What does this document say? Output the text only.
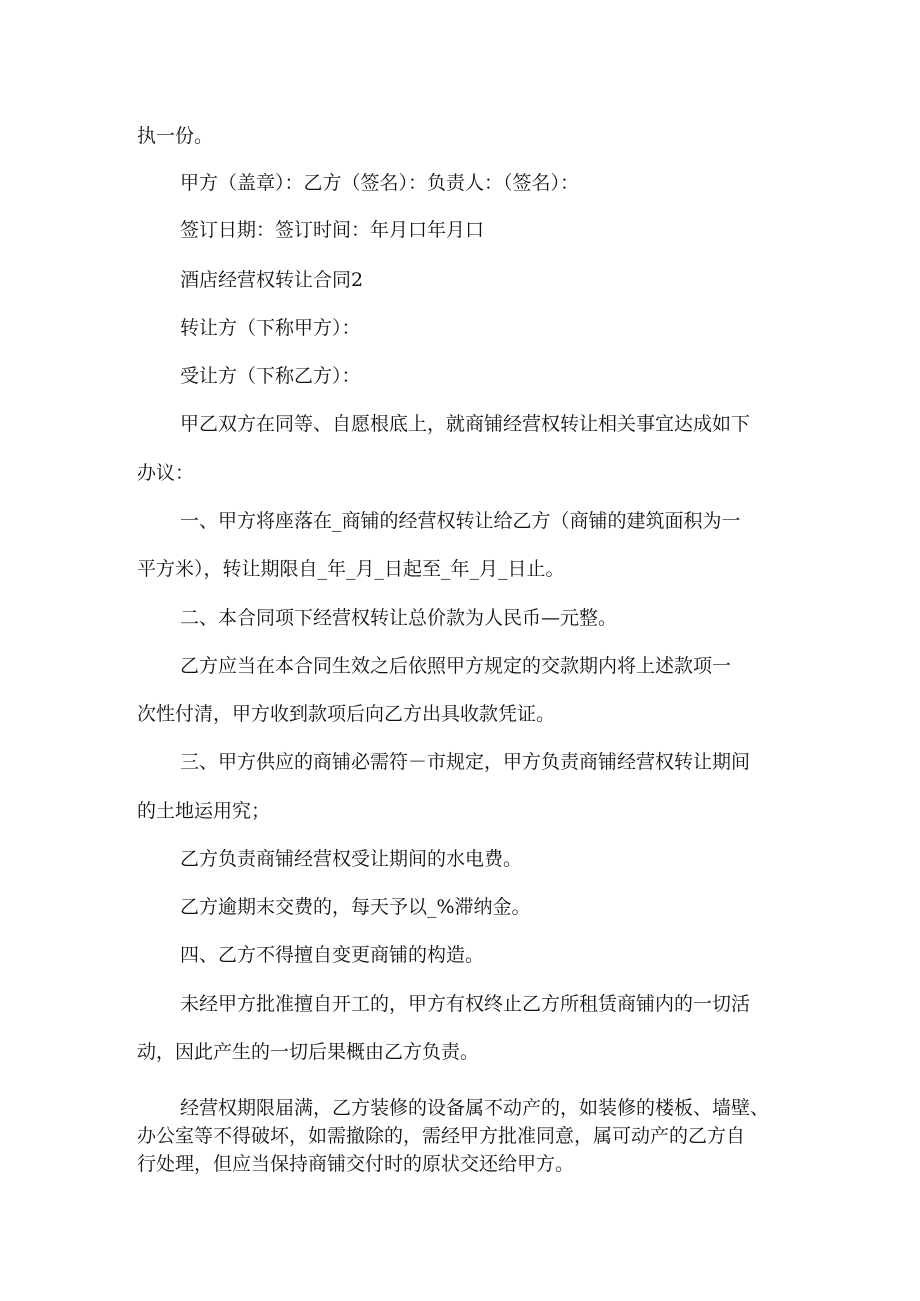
执一份。
甲方（盖章）：乙方（签名）：负责人：（签名）：
签订日期：签订时间：年月口年月口
酒店经营权转让合同2
转让方（下称甲方）：
受让方（下称乙方）：
甲乙双方在同等、自愿根底上，就商铺经营权转让相关事宜达成如下
办议：
一、甲方将座落在_商铺的经营权转让给乙方（商铺的建筑面积为一
平方米），转让期限自_年_月_日起至_年_月_日止。
二、本合同项下经营权转让总价款为人民币—元整。
乙方应当在本合同生效之后依照甲方规定的交款期内将上述款项一
次性付清，甲方收到款项后向乙方出具收款凭证。
三、甲方供应的商铺必需符－市规定，甲方负责商铺经营权转让期间
的土地运用究；
乙方负责商铺经营权受让期间的水电费。
乙方逾期末交费的，每天予以_%滞纳金。
四、乙方不得擅自变更商铺的构造。
未经甲方批准擅自开工的，甲方有权终止乙方所租赁商铺内的一切活
动，因此产生的一切后果概由乙方负责。
经营权期限届满，乙方装修的设备属不动产的，如装修的楼板、墙壁、
办公室等不得破坏，如需撤除的，需经甲方批准同意，属可动产的乙方自
行处理，但应当保持商铺交付时的原状交还给甲方。
